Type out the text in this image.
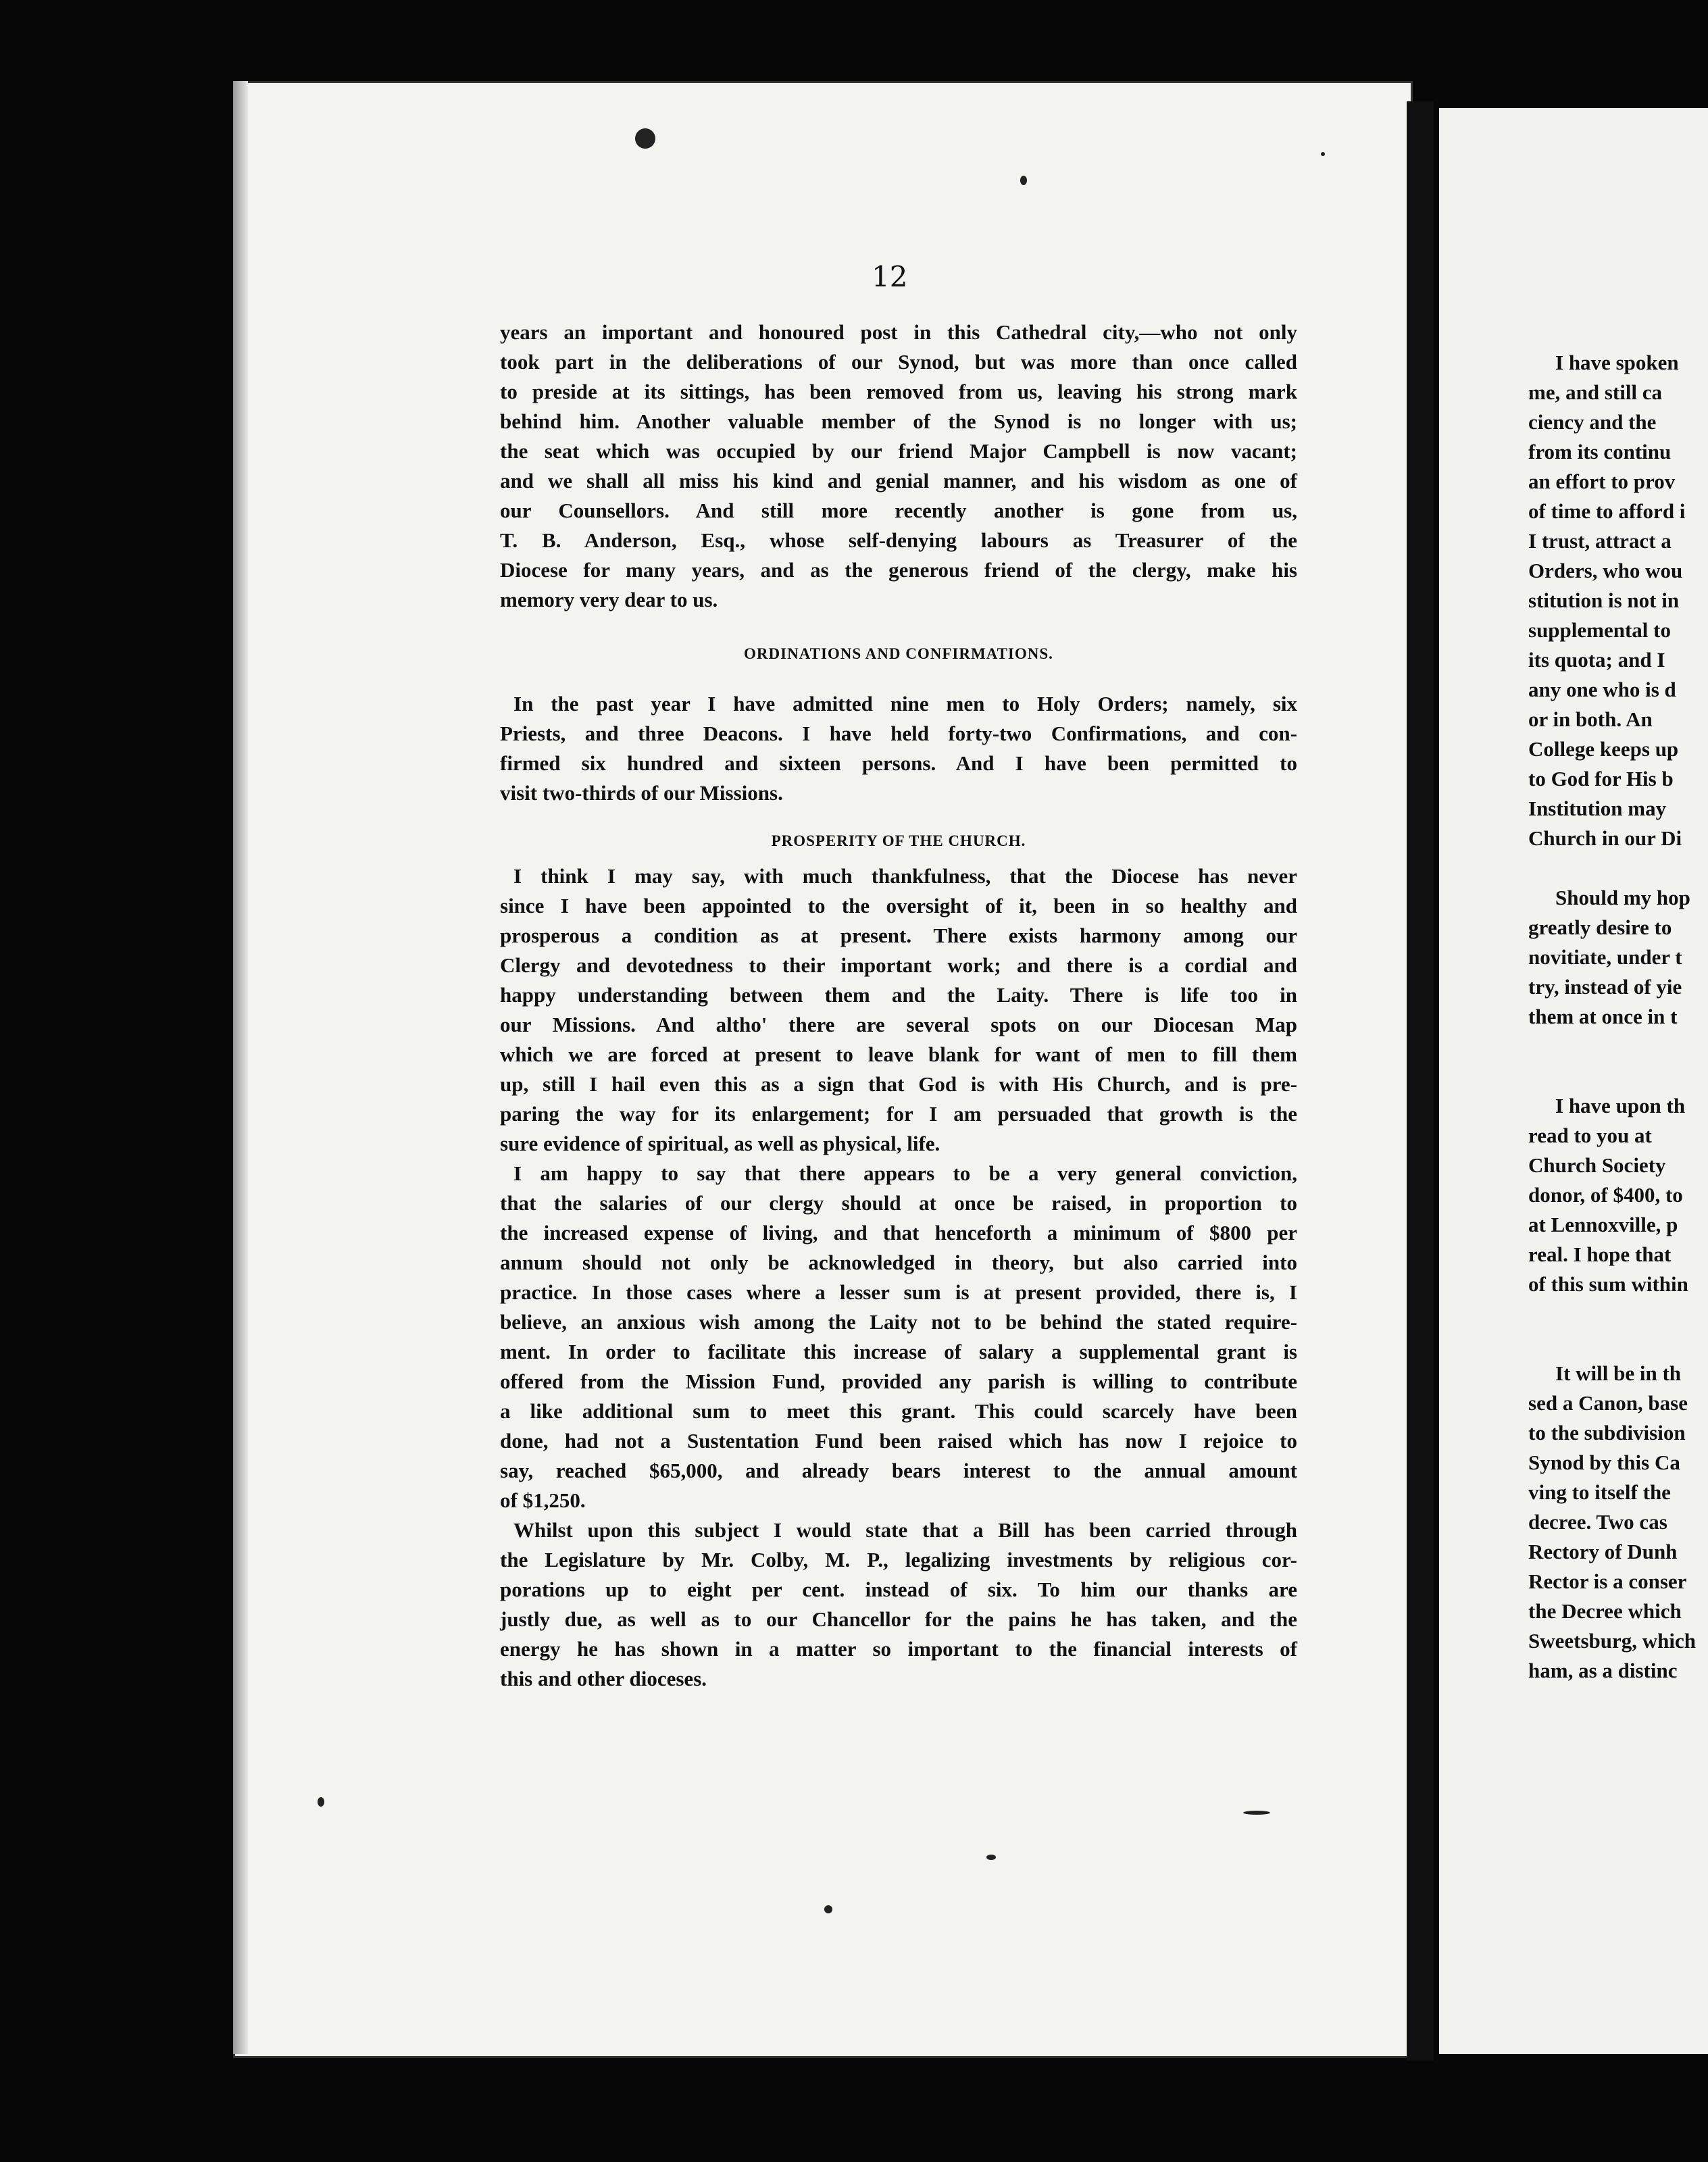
12
years an important and honoured post in this Cathedral city,—who not only
took part in the deliberations of our Synod, but was more than once called
to preside at its sittings, has been removed from us, leaving his strong mark
behind him. Another valuable member of the Synod is no longer with us;
the seat which was occupied by our friend Major Campbell is now vacant;
and we shall all miss his kind and genial manner, and his wisdom as one of
our Counsellors. And still more recently another is gone from us,
T. B. Anderson, Esq., whose self-denying labours as Treasurer of the
Diocese for many years, and as the generous friend of the clergy, make his
memory very dear to us.
ORDINATIONS AND CONFIRMATIONS.
In the past year I have admitted nine men to Holy Orders; namely, six
Priests, and three Deacons. I have held forty-two Confirmations, and con-
firmed six hundred and sixteen persons. And I have been permitted to
visit two-thirds of our Missions.
PROSPERITY OF THE CHURCH.
I think I may say, with much thankfulness, that the Diocese has never
since I have been appointed to the oversight of it, been in so healthy and
prosperous a condition as at present. There exists harmony among our
Clergy and devotedness to their important work; and there is a cordial and
happy understanding between them and the Laity. There is life too in
our Missions. And altho' there are several spots on our Diocesan Map
which we are forced at present to leave blank for want of men to fill them
up, still I hail even this as a sign that God is with His Church, and is pre-
paring the way for its enlargement; for I am persuaded that growth is the
sure evidence of spiritual, as well as physical, life.
I am happy to say that there appears to be a very general conviction,
that the salaries of our clergy should at once be raised, in proportion to
the increased expense of living, and that henceforth a minimum of $800 per
annum should not only be acknowledged in theory, but also carried into
practice. In those cases where a lesser sum is at present provided, there is, I
believe, an anxious wish among the Laity not to be behind the stated require-
ment. In order to facilitate this increase of salary a supplemental grant is
offered from the Mission Fund, provided any parish is willing to contribute
a like additional sum to meet this grant. This could scarcely have been
done, had not a Sustentation Fund been raised which has now I rejoice to
say, reached $65,000, and already bears interest to the annual amount
of $1,250.
Whilst upon this subject I would state that a Bill has been carried through
the Legislature by Mr. Colby, M. P., legalizing investments by religious cor-
porations up to eight per cent. instead of six. To him our thanks are
justly due, as well as to our Chancellor for the pains he has taken, and the
energy he has shown in a matter so important to the financial interests of
this and other dioceses.
I have spoken
me, and still ca
ciency and the
from its continu
an effort to prov
of time to afford i
I trust, attract a
Orders, who wou
stitution is not in
supplemental to
its quota; and I
any one who is d
or in both. An
College keeps up
to God for His b
Institution may
Church in our Di
Should my hop
greatly desire to
novitiate, under t
try, instead of yie
them at once in t
I have upon th
read to you at
Church Society
donor, of $400, to
at Lennoxville, p
real. I hope that
of this sum within
It will be in th
sed a Canon, base
to the subdivision
Synod by this Ca
ving to itself the
decree. Two cas
Rectory of Dunh
Rector is a conser
the Decree which
Sweetsburg, which
ham, as a distinc
